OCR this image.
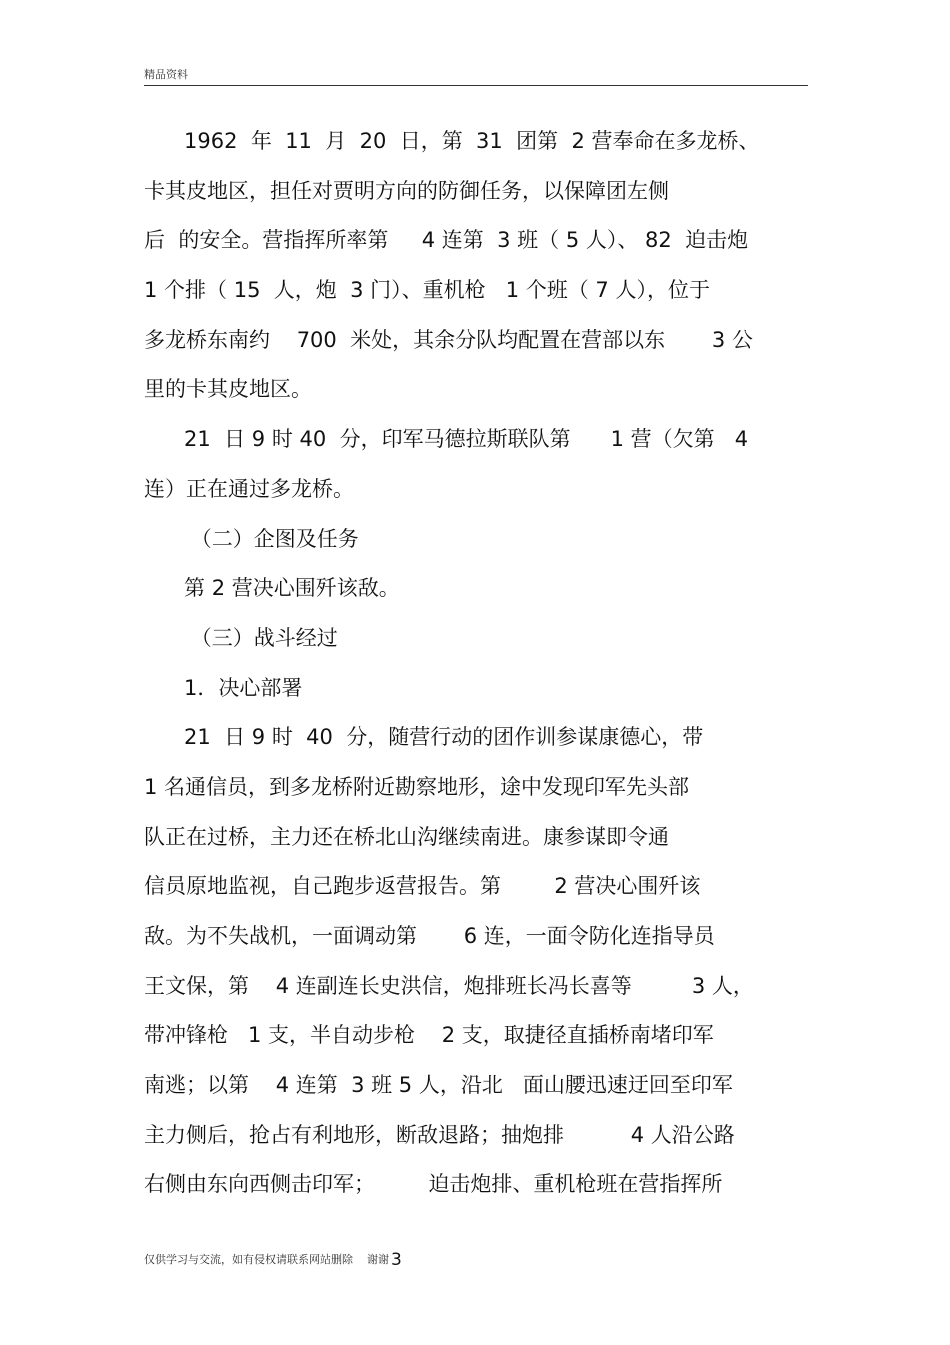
精品资料
1962  年  11  月  20  日，第  31  团第  2 营奉命在多龙桥、
卡其皮地区，担任对贾明方向的防御任务，以保障团左侧
后  的安全。营指挥所率第     4 连第  3 班（ 5 人）、 82  迫击炮
1 个排（ 15  人，炮  3 门）、重机枪   1 个班（ 7 人），位于
多龙桥东南约    700  米处，其余分队均配置在营部以东       3 公
里的卡其皮地区。
21  日 9 时 40  分，印军马德拉斯联队第      1 营（欠第   4
连）正在通过多龙桥。
（二）企图及任务
第 2 营决心围歼该敌。
（三）战斗经过
1．决心部署
21  日 9 时  40  分，随营行动的团作训参谋康德心，带
1 名通信员，到多龙桥附近勘察地形，途中发现印军先头部
队正在过桥，主力还在桥北山沟继续南进。康参谋即令通
信员原地监视，自己跑步返营报告。第        2 营决心围歼该
敌。为不失战机，一面调动第       6 连，一面令防化连指导员
王文保，第    4 连副连长史洪信，炮排班长冯长喜等         3 人，
带冲锋枪   1 支，半自动步枪    2 支，取捷径直插桥南堵印军
南逃；以第    4 连第  3 班 5 人，沿北   面山腰迅速迂回至印军
主力侧后，抢占有利地形，断敌退路；抽炮排          4 人沿公路
右侧由东向西侧击印军；        迫击炮排、重机枪班在营指挥所
仅供学习与交流，如有侵权请联系网站删除    谢谢 3
